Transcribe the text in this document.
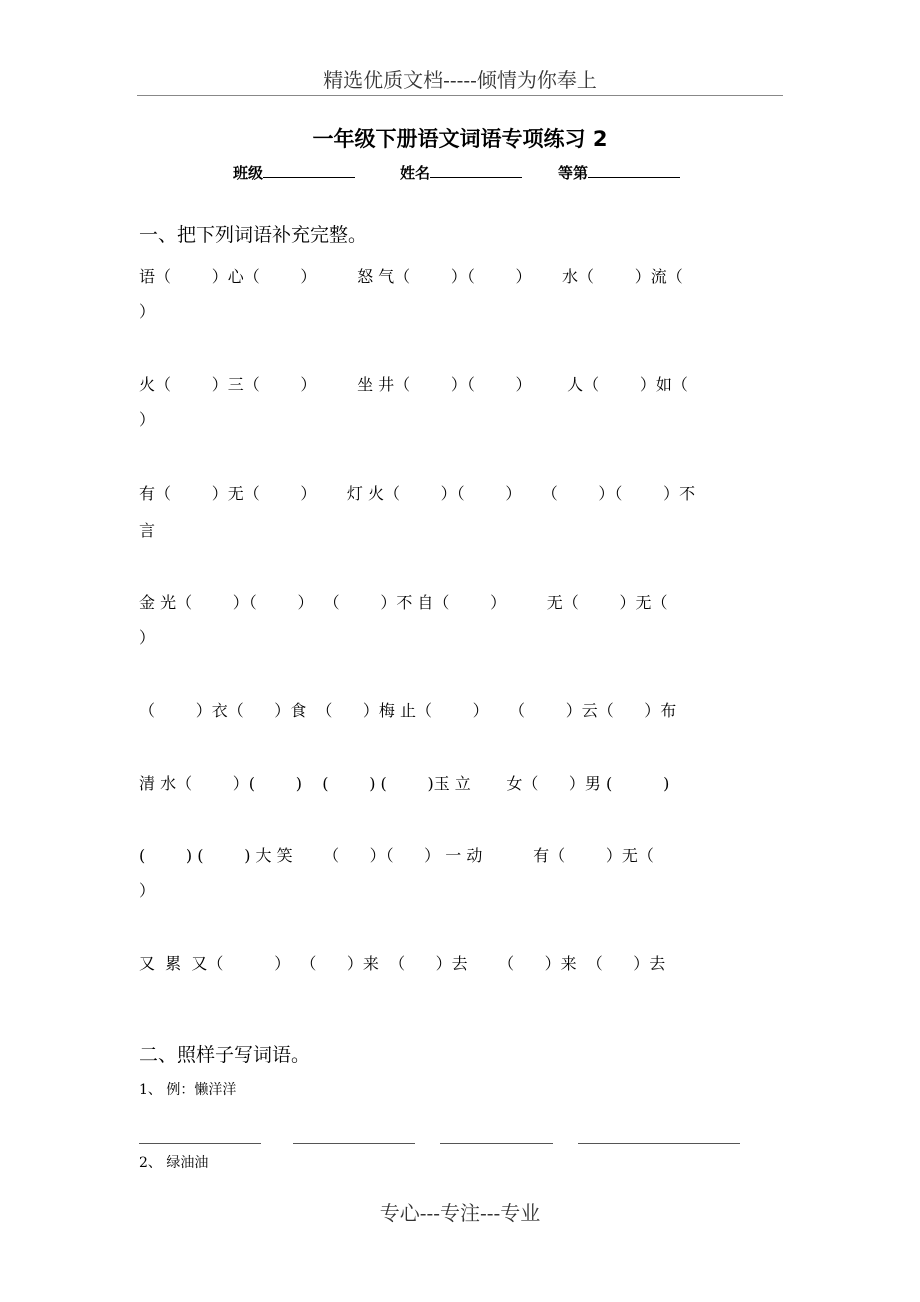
精选优质文档-----倾情为你奉上
一年级下册语文词语专项练习 2
班级	姓名	等第
一、把下列词语补充完整。
语（        ）心（        ）        怒 气（        ）（        ）      水（        ）流（
）
火（        ）三（        ）        坐 井（        ）（        ）       人（        ）如（
）
有（        ）无（        ）      灯 火（        ）（        ）    （        ）（        ）不
言
金 光（        ）（        ）  （        ）不 自（        ）        无（        ）无（
）
（        ）衣（      ）食  （      ）梅 止（        ）    （        ）云（      ）布
清 水（        ）(        )    (        ) (        )玉 立       女（      ）男 (          )
(        ) (        ) 大 笑      （      ）（      ） 一 动          有（        ）无（
）
又  累  又（          ）  （      ）来  （      ）去      （      ）来  （      ）去
二、照样子写词语。
1、 例：懒洋洋
2、 绿油油
专心---专注---专业
